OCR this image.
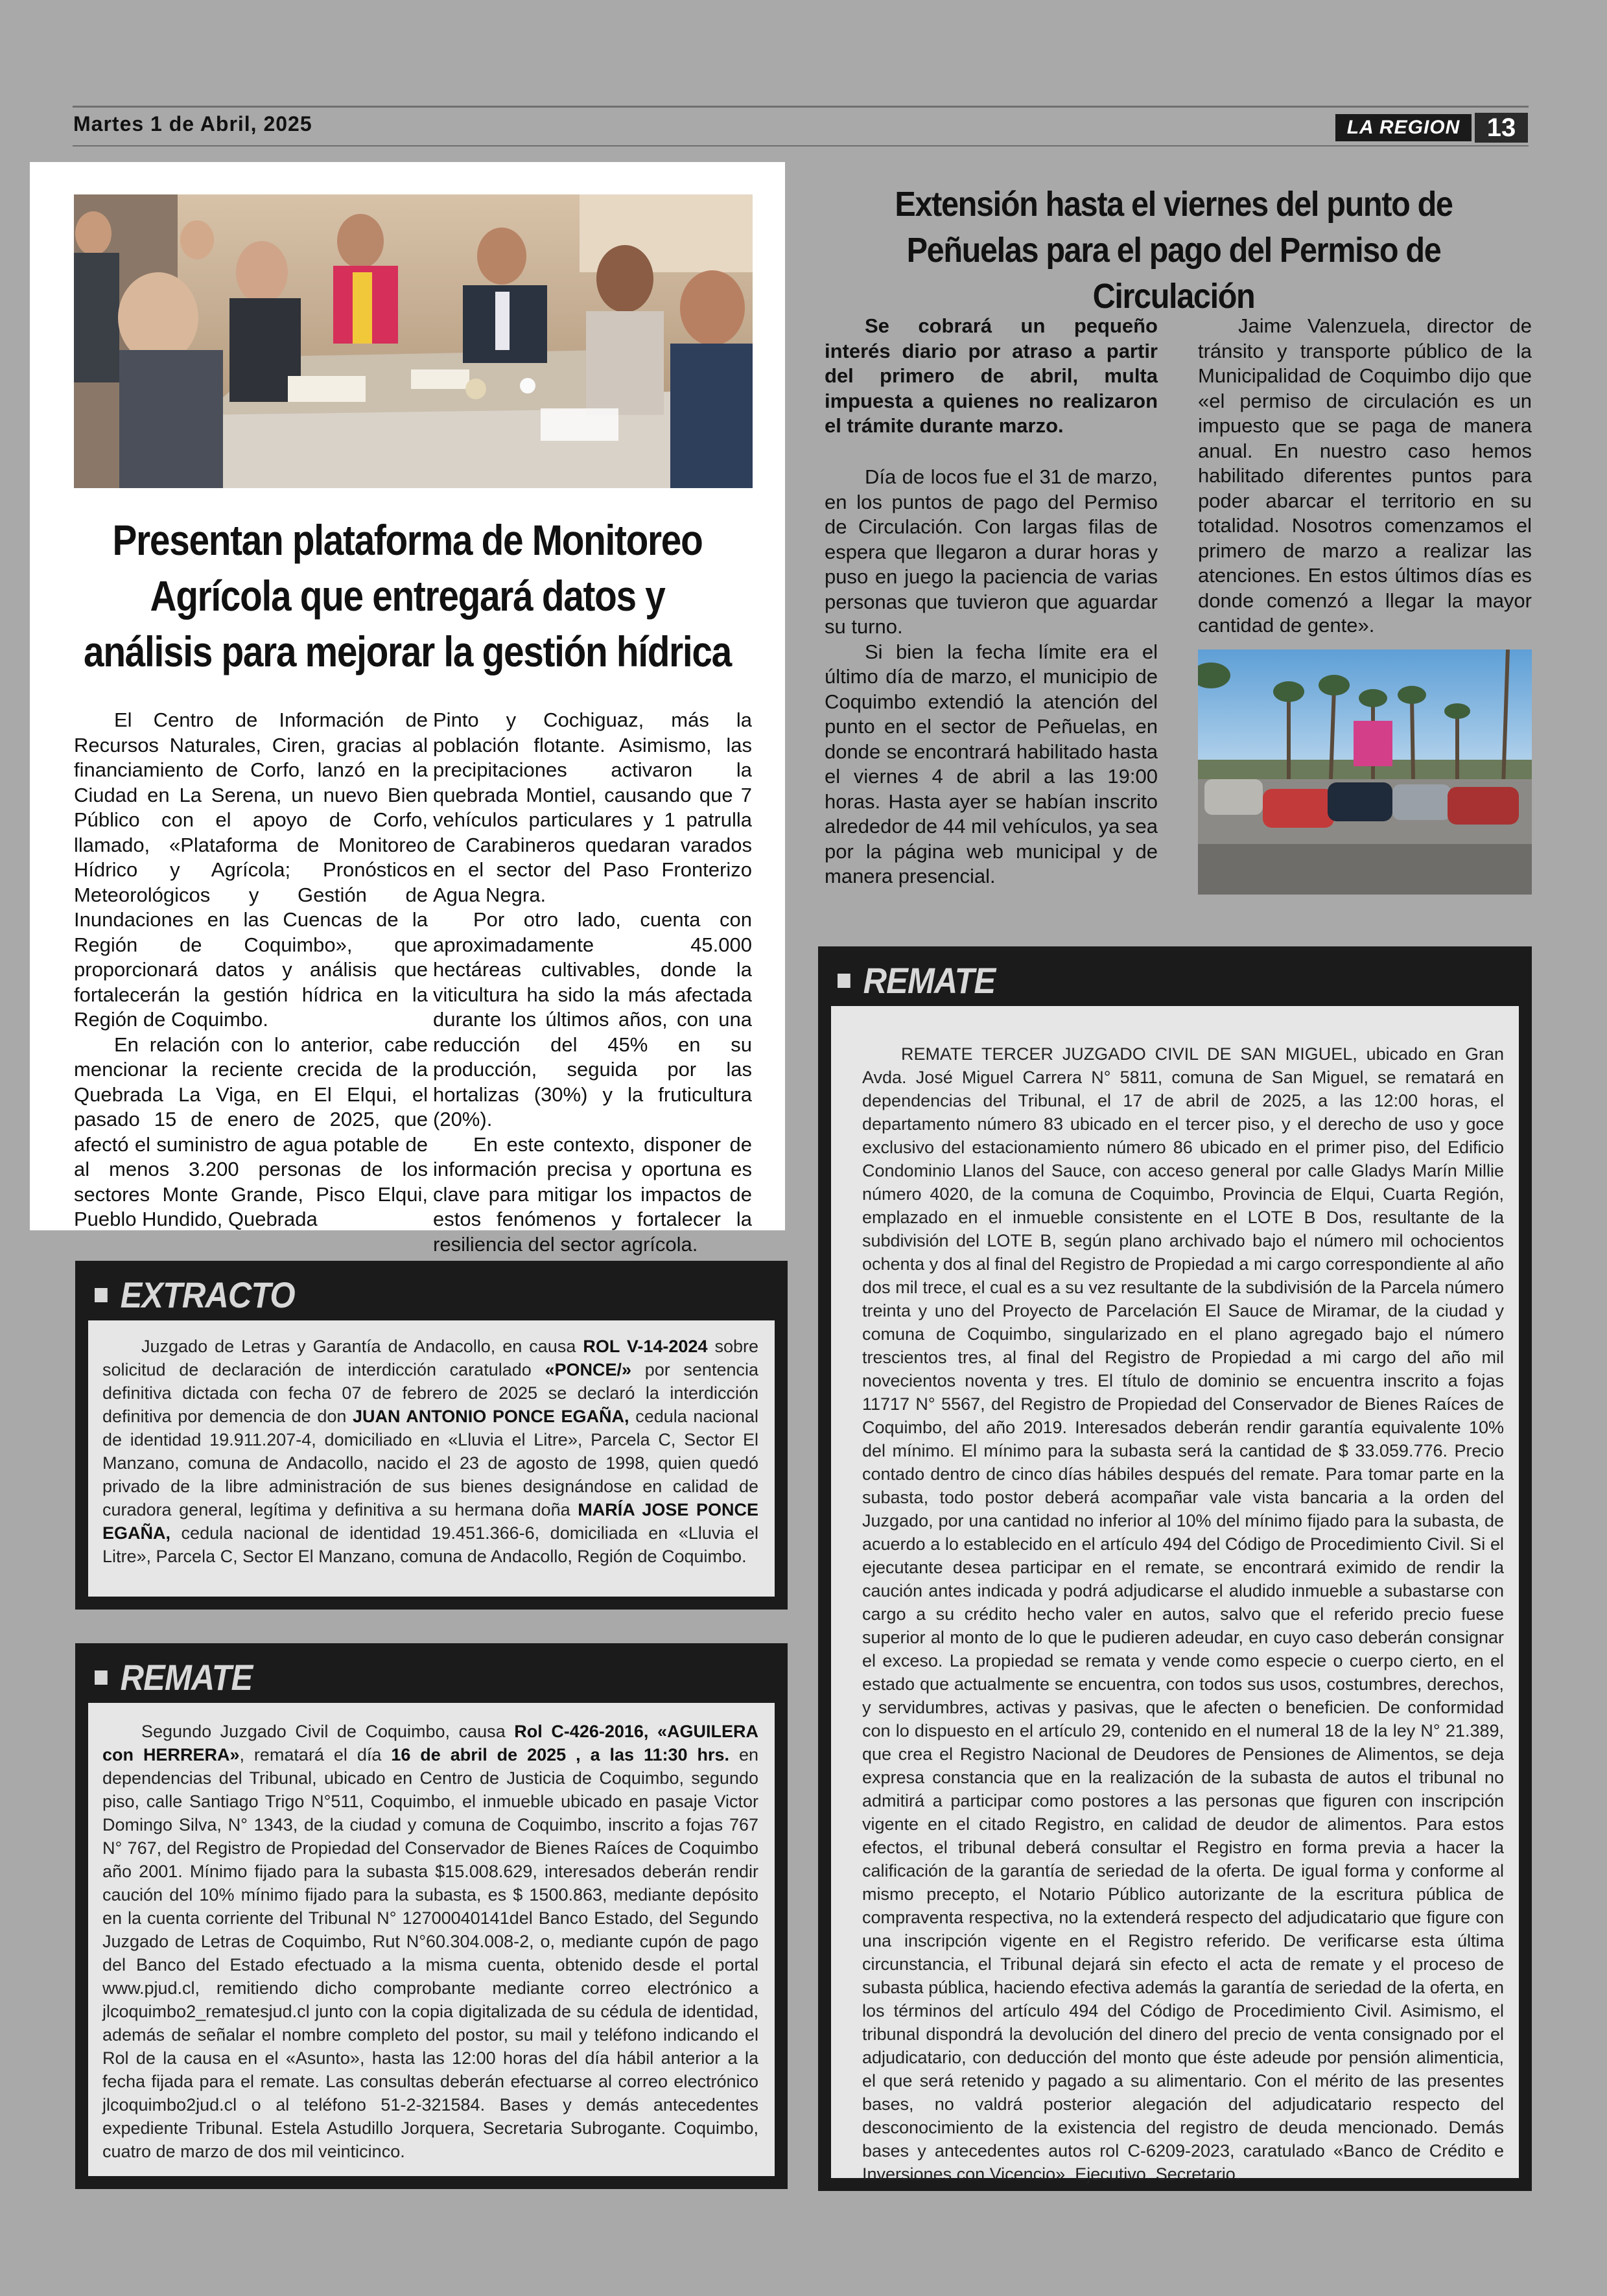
Martes 1 de Abril, 2025	LA REGION	13
Presentan plataforma de Monitoreo Agrícola que entregará datos y análisis para mejorar la gestión hídrica

El Centro de Información de Recursos Naturales, Ciren, gracias al financiamiento de Corfo, lanzó en la Ciudad en La Serena, un nuevo Bien Público con el apoyo de Corfo, llamado, «Plataforma de Monitoreo Hídrico y Agrícola; Pronósticos Meteorológicos y Gestión de Inundaciones en las Cuencas de la Región de Coquimbo», que proporcionará datos y análisis que fortalecerán la gestión hídrica en la Región de Coquimbo.

En relación con lo anterior, cabe mencionar la reciente crecida de la Quebrada La Viga, en El Elqui, el pasado 15 de enero de 2025, que afectó el suministro de agua potable de al menos 3.200 personas de los sectores Monte Grande, Pisco Elqui, Pueblo Hundido, Quebrada

Pinto y Cochiguaz, más la población flotante. Asimismo, las precipitaciones activaron la quebrada Montiel, causando que 7 vehículos particulares y 1 patrulla de Carabineros quedaran varados en el sector del Paso Fronterizo Agua Negra.

Por otro lado, cuenta con aproximadamente 45.000 hectáreas cultivables, donde la viticultura ha sido la más afectada durante los últimos años, con una reducción del 45% en su producción, seguida por las hortalizas (30%) y la fruticultura (20%).

En este contexto, disponer de información precisa y oportuna es clave para mitigar los impactos de estos fenómenos y fortalecer la resiliencia del sector agrícola.

Extensión hasta el viernes del punto de Peñuelas para el pago del Permiso de Circulación
Se cobrará un pequeño interés diario por atraso a partir del primero de abril, multa impuesta a quienes no realizaron el trámite durante marzo.

Día de locos fue el 31 de marzo, en los puntos de pago del Permiso de Circulación. Con largas filas de espera que llegaron a durar horas y puso en juego la paciencia de varias personas que tuvieron que aguardar su turno.

Si bien la fecha límite era el último día de marzo, el municipio de Coquimbo extendió la atención del punto en el sector de Peñuelas, en donde se encontrará habilitado hasta el viernes 4 de abril a las 19:00 horas. Hasta ayer se habían inscrito alrededor de 44 mil vehículos, ya sea por la página web municipal y de manera presencial.

Jaime Valenzuela, director de tránsito y transporte público de la Municipalidad de Coquimbo dijo que «el permiso de circulación es un impuesto que se paga de manera anual. En nuestro caso hemos habilitado diferentes puntos para poder abarcar el territorio en su totalidad. Nosotros comenzamos el primero de marzo a realizar las atenciones. En estos últimos días es donde comenzó a llegar la mayor cantidad de gente».

EXTRACTO

Juzgado de Letras y Garantía de Andacollo, en causa ROL V-14-2024 sobre solicitud de declaración de interdicción caratulado «PONCE/» por sentencia definitiva dictada con fecha 07 de febrero de 2025 se declaró la interdicción definitiva por demencia de don JUAN ANTONIO PONCE EGAÑA, cedula nacional de identidad 19.911.207-4, domiciliado en «Lluvia el Litre», Parcela C, Sector El Manzano, comuna de Andacollo, nacido el 23 de agosto de 1998, quien quedó privado de la libre administración de sus bienes designándose en calidad de curadora general, legítima y definitiva a su hermana doña MARÍA JOSE PONCE EGAÑA, cedula nacional de identidad 19.451.366-6, domiciliada en «Lluvia el Litre», Parcela C, Sector El Manzano, comuna de Andacollo, Región de Coquimbo.

REMATE

Segundo Juzgado Civil de Coquimbo, causa Rol C-426-2016, «AGUILERA con HERRERA», rematará el día 16 de abril de 2025 , a las 11:30 hrs. en dependencias del Tribunal, ubicado en Centro de Justicia de Coquimbo, segundo piso, calle Santiago Trigo N°511, Coquimbo, el inmueble ubicado en pasaje Victor Domingo Silva, N° 1343, de la ciudad y comuna de Coquimbo, inscrito a fojas 767 N° 767, del Registro de Propiedad del Conservador de Bienes Raíces de Coquimbo año 2001. Mínimo fijado para la subasta $15.008.629, interesados deberán rendir caución del 10% mínimo fijado para la subasta, es $ 1500.863, mediante depósito en la cuenta corriente del Tribunal N° 12700040141del Banco Estado, del Segundo Juzgado de Letras de Coquimbo, Rut N°60.304.008-2, o, mediante cupón de pago del Banco del Estado efectuado a la misma cuenta, obtenido desde el portal www.pjud.cl, remitiendo dicho comprobante mediante correo electrónico a jlcoquimbo2_rematesjud.cl junto con la copia digitalizada de su cédula de identidad, además de señalar el nombre completo del postor, su mail y teléfono indicando el Rol de la causa en el «Asunto», hasta las 12:00 horas del día hábil anterior a la fecha fijada para el remate. Las consultas deberán efectuarse al correo electrónico jlcoquimbo2jud.cl o al teléfono 51-2-321584. Bases y demás antecedentes expediente Tribunal. Estela Astudillo Jorquera, Secretaria Subrogante. Coquimbo, cuatro de marzo de dos mil veinticinco.

REMATE

REMATE TERCER JUZGADO CIVIL DE SAN MIGUEL, ubicado en Gran Avda. José Miguel Carrera N° 5811, comuna de San Miguel, se rematará en dependencias del Tribunal, el 17 de abril de 2025, a las 12:00 horas, el departamento número 83 ubicado en el tercer piso, y el derecho de uso y goce exclusivo del estacionamiento número 86 ubicado en el primer piso, del Edificio Condominio Llanos del Sauce, con acceso general por calle Gladys Marín Millie número 4020, de la comuna de Coquimbo, Provincia de Elqui, Cuarta Región, emplazado en el inmueble consistente en el LOTE B Dos, resultante de la subdivisión del LOTE B, según plano archivado bajo el número mil ochocientos ochenta y dos al final del Registro de Propiedad a mi cargo correspondiente al año dos mil trece, el cual es a su vez resultante de la subdivisión de la Parcela número treinta y uno del Proyecto de Parcelación El Sauce de Miramar, de la ciudad y comuna de Coquimbo, singularizado en el plano agregado bajo el número trescientos tres, al final del Registro de Propiedad a mi cargo del año mil novecientos noventa y tres. El título de dominio se encuentra inscrito a fojas 11717 N° 5567, del Registro de Propiedad del Conservador de Bienes Raíces de Coquimbo, del año 2019. Interesados deberán rendir garantía equivalente 10% del mínimo. El mínimo para la subasta será la cantidad de $ 33.059.776. Precio contado dentro de cinco días hábiles después del remate. Para tomar parte en la subasta, todo postor deberá acompañar vale vista bancaria a la orden del Juzgado, por una cantidad no inferior al 10% del mínimo fijado para la subasta, de acuerdo a lo establecido en el artículo 494 del Código de Procedimiento Civil. Si el ejecutante desea participar en el remate, se encontrará eximido de rendir la caución antes indicada y podrá adjudicarse el aludido inmueble a subastarse con cargo a su crédito hecho valer en autos, salvo que el referido precio fuese superior al monto de lo que le pudieren adeudar, en cuyo caso deberán consignar el exceso. La propiedad se remata y vende como especie o cuerpo cierto, en el estado que actualmente se encuentra, con todos sus usos, costumbres, derechos, y servidumbres, activas y pasivas, que le afecten o beneficien. De conformidad con lo dispuesto en el artículo 29, contenido en el numeral 18 de la ley N° 21.389, que crea el Registro Nacional de Deudores de Pensiones de Alimentos, se deja expresa constancia que en la realización de la subasta de autos el tribunal no admitirá a participar como postores a las personas que figuren con inscripción vigente en el citado Registro, en calidad de deudor de alimentos. Para estos efectos, el tribunal deberá consultar el Registro en forma previa a hacer la calificación de la garantía de seriedad de la oferta. De igual forma y conforme al mismo precepto, el Notario Público autorizante de la escritura pública de compraventa respectiva, no la extenderá respecto del adjudicatario que figure con una inscripción vigente en el Registro referido. De verificarse esta última circunstancia, el Tribunal dejará sin efecto el acta de remate y el proceso de subasta pública, haciendo efectiva además la garantía de seriedad de la oferta, en los términos del artículo 494 del Código de Procedimiento Civil. Asimismo, el tribunal dispondrá la devolución del dinero del precio de venta consignado por el adjudicatario, con deducción del monto que éste adeude por pensión alimenticia, el que será retenido y pagado a su alimentario. Con el mérito de las presentes bases, no valdrá posterior alegación del adjudicatario respecto del desconocimiento de la existencia del registro de deuda mencionado. Demás bases y antecedentes autos rol C-6209-2023, caratulado «Banco de Crédito e Inversiones con Vicencio». Ejecutivo. Secretario.
